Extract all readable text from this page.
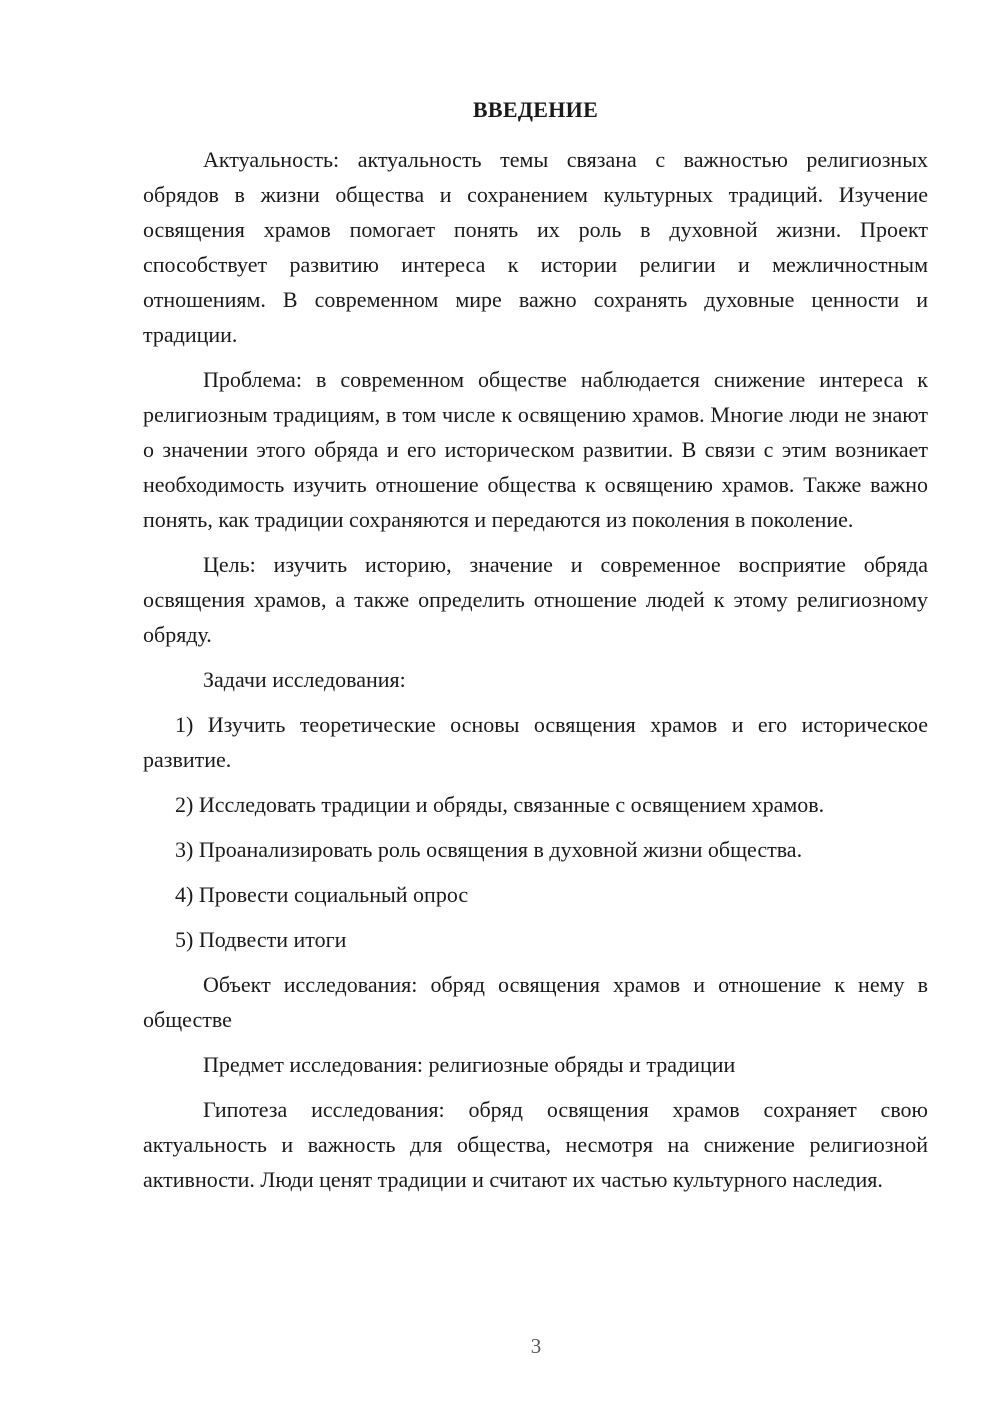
ВВЕДЕНИЕ

Актуальность: актуальность темы связана с важностью религиозных обрядов в жизни общества и сохранением культурных традиций. Изучение освящения храмов помогает понять их роль в духовной жизни. Проект способствует развитию интереса к истории религии и межличностным отношениям. В современном мире важно сохранять духовные ценности и традиции.

Проблема: в современном обществе наблюдается снижение интереса к религиозным традициям, в том числе к освящению храмов. Многие люди не знают о значении этого обряда и его историческом развитии. В связи с этим возникает необходимость изучить отношение общества к освящению храмов. Также важно понять, как традиции сохраняются и передаются из поколения в поколение.

Цель: изучить историю, значение и современное восприятие обряда освящения храмов, а также определить отношение людей к этому религиозному обряду.

Задачи исследования:

1) Изучить теоретические основы освящения храмов и его историческое развитие.

2) Исследовать традиции и обряды, связанные с освящением храмов.

3) Проанализировать роль освящения в духовной жизни общества.

4) Провести социальный опрос

5) Подвести итоги

Объект исследования: обряд освящения храмов и отношение к нему в обществе

Предмет исследования: религиозные обряды и традиции

Гипотеза исследования: обряд освящения храмов сохраняет свою актуальность и важность для общества, несмотря на снижение религиозной активности. Люди ценят традиции и считают их частью культурного наследия.

3
